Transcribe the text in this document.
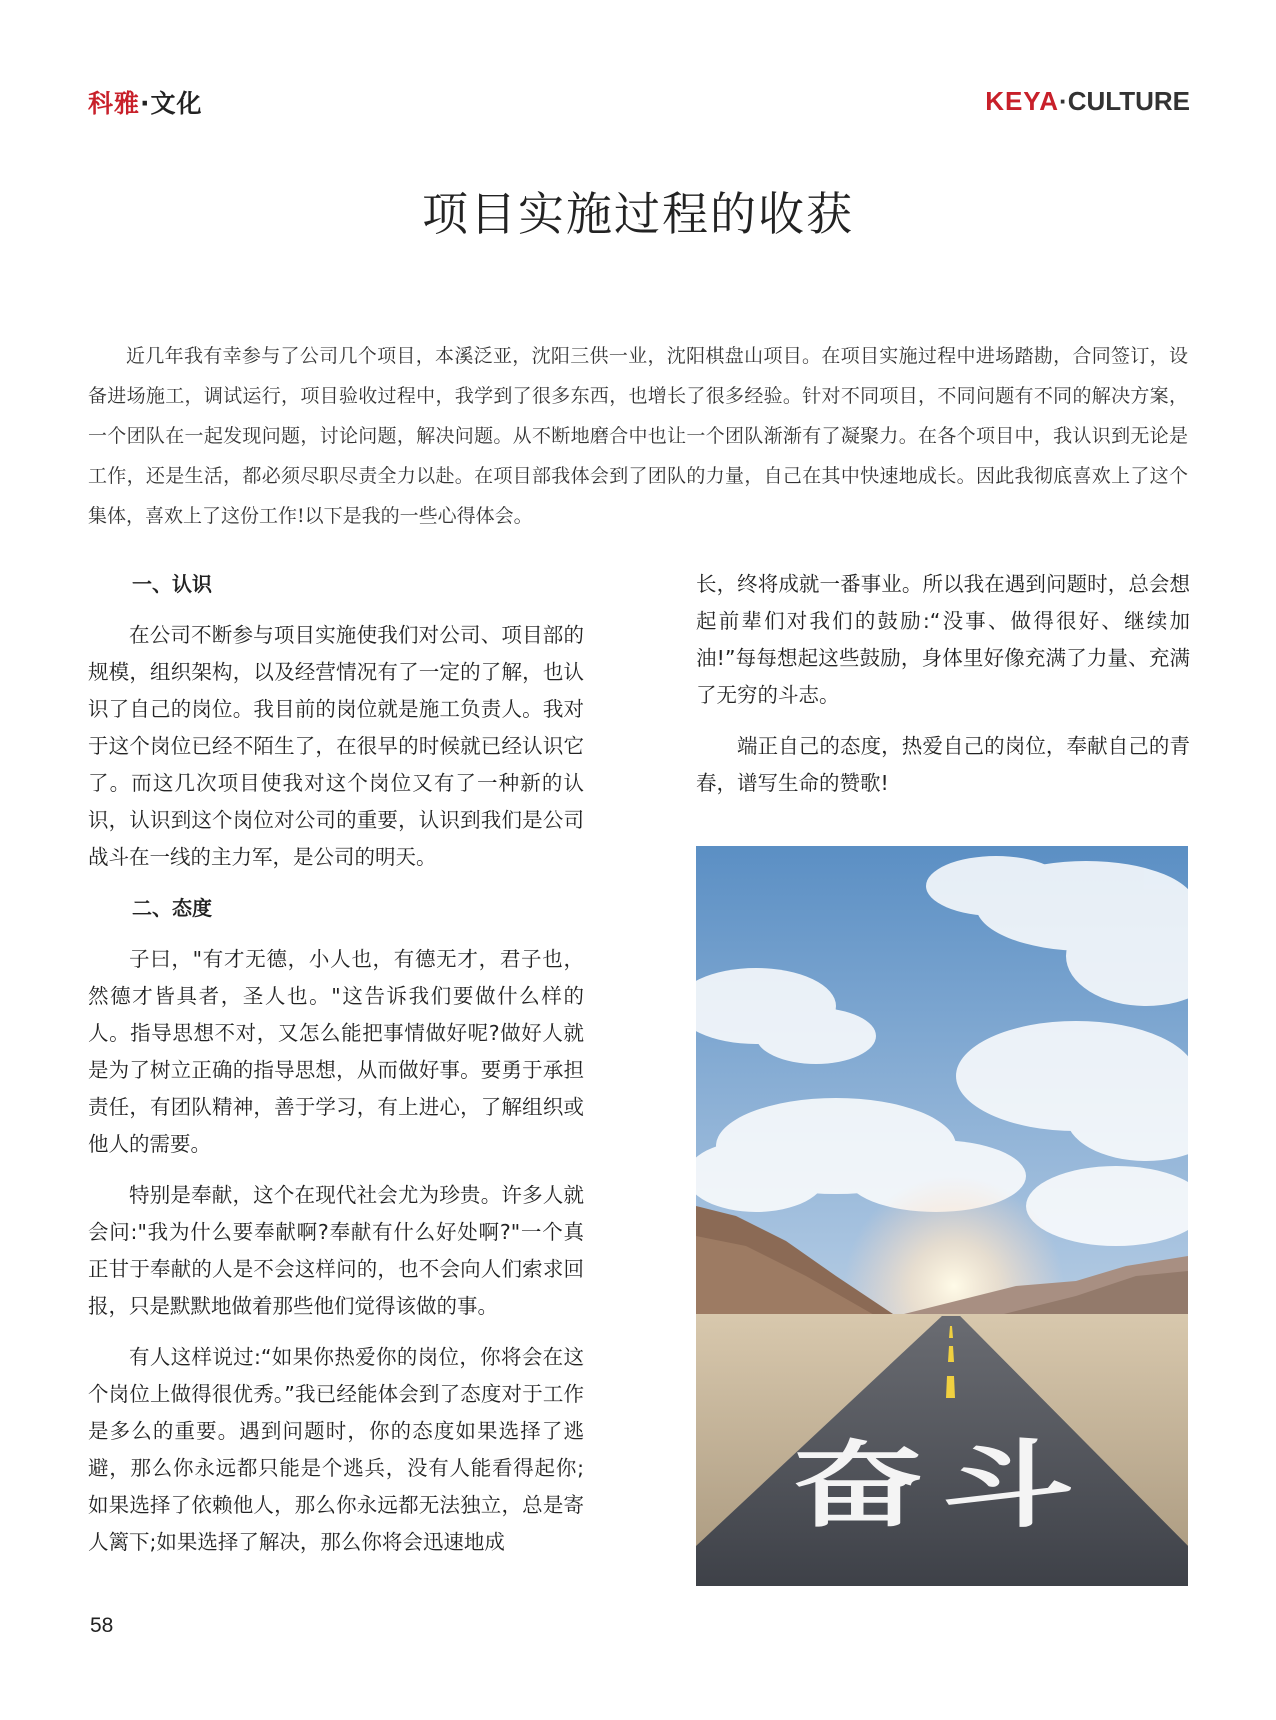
科雅·文化	KEYA·CULTURE
项目实施过程的收获

近几年我有幸参与了公司几个项目，本溪泛亚，沈阳三供一业，沈阳棋盘山项目。在项目实施过程中进场踏勘，合同签订，设备进场施工，调试运行，项目验收过程中，我学到了很多东西，也增长了很多经验。针对不同项目，不同问题有不同的解决方案，一个团队在一起发现问题，讨论问题，解决问题。从不断地磨合中也让一个团队渐渐有了凝聚力。在各个项目中，我认识到无论是工作，还是生活，都必须尽职尽责全力以赴。在项目部我体会到了团队的力量，自己在其中快速地成长。因此我彻底喜欢上了这个集体，喜欢上了这份工作!以下是我的一些心得体会。

一、认识

在公司不断参与项目实施使我们对公司、项目部的规模，组织架构，以及经营情况有了一定的了解，也认识了自己的岗位。我目前的岗位就是施工负责人。我对于这个岗位已经不陌生了，在很早的时候就已经认识它了。而这几次项目使我对这个岗位又有了一种新的认识，认识到这个岗位对公司的重要，认识到我们是公司战斗在一线的主力军，是公司的明天。

二、态度

子曰，"有才无德，小人也，有德无才，君子也，然德才皆具者，圣人也。"这告诉我们要做什么样的人。指导思想不对，又怎么能把事情做好呢?做好人就是为了树立正确的指导思想，从而做好事。要勇于承担责任，有团队精神，善于学习，有上进心，了解组织或他人的需要。

特别是奉献，这个在现代社会尤为珍贵。许多人就会问:"我为什么要奉献啊?奉献有什么好处啊?"一个真正甘于奉献的人是不会这样问的，也不会向人们索求回报，只是默默地做着那些他们觉得该做的事。

有人这样说过:“如果你热爱你的岗位，你将会在这个岗位上做得很优秀。”我已经能体会到了态度对于工作是多么的重要。遇到问题时，你的态度如果选择了逃避，那么你永远都只能是个逃兵，没有人能看得起你;如果选择了依赖他人，那么你永远都无法独立，总是寄人篱下;如果选择了解决，那么你将会迅速地成

长，终将成就一番事业。所以我在遇到问题时，总会想起前辈们对我们的鼓励:“没事、做得很好、继续加油!”每每想起这些鼓励，身体里好像充满了力量、充满了无穷的斗志。

端正自己的态度，热爱自己的岗位，奉献自己的青春，谱写生命的赞歌!

奋斗
58
